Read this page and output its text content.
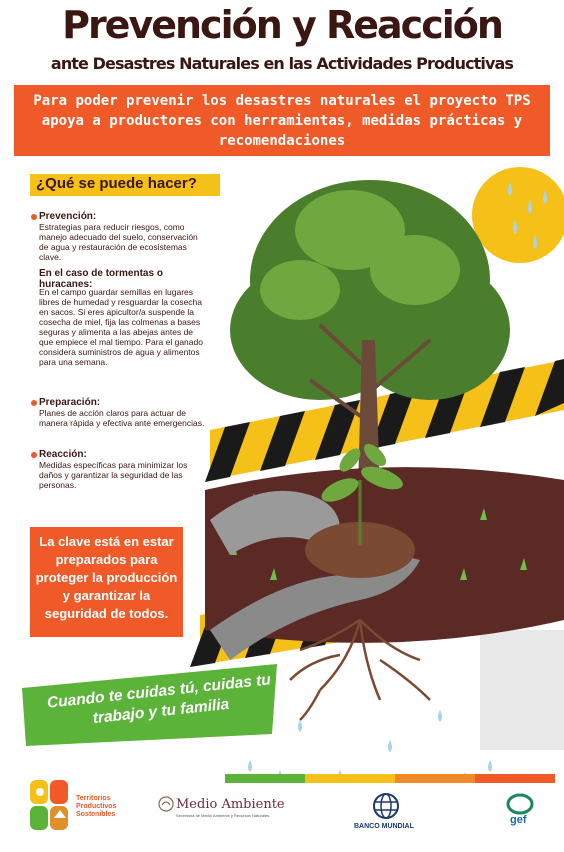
Prevención y Reacción
ante Desastres Naturales en las Actividades Productivas
Para poder prevenir los desastres naturales el proyecto TPS apoya a productores con herramientas, medidas prácticas y recomendaciones
¿Qué se puede hacer?
Prevención:
Estrategias para reducir riesgos, como manejo adecuado del suelo, conservación de agua y restauración de ecosistemas clave.
En el caso de tormentas o huracanes:
En el campo guardar semillas en lugares libres de humedad y resguardar la cosecha en sacos. Si eres apicultor/a suspende la cosecha de miel, fija las colmenas a bases seguras y alimenta a las abejas antes de que empiece el mal tiempo. Para el ganado considera suministros de agua y alimentos para una semana.
Preparación:
Planes de acción claros para actuar de manera rápida y efectiva ante emergencias.
Reacción:
Medidas específicas para minimizar los daños y garantizar la seguridad de las personas.
La clave está en estar preparados para proteger la producción y garantizar la seguridad de todos.
Cuando te cuidas tú, cuidas tu trabajo y tu familia
Territorios Productivos Sostenibles
Medio Ambiente
Secretaría de Medio Ambiente y Recursos Naturales
BANCO MUNDIAL
gef
